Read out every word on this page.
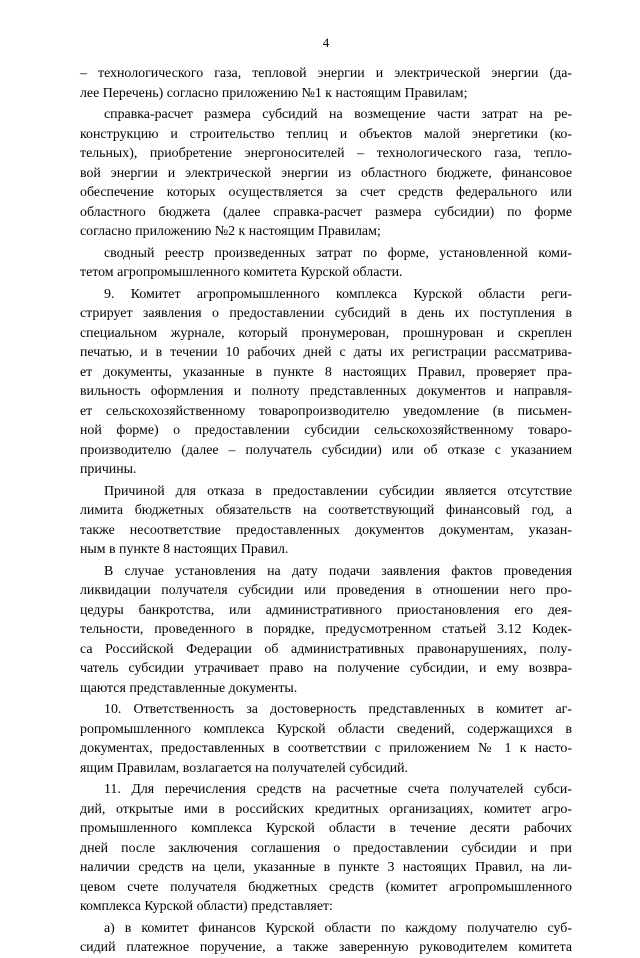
4
– технологического газа, тепловой энергии и электрической энергии (да-
лее Перечень) согласно приложению №1 к настоящим Правилам;
справка-расчет размера субсидий на возмещение части затрат на ре-
конструкцию и строительство теплиц и объектов малой энергетики (ко-
тельных), приобретение энергоносителей – технологического газа, тепло-
вой энергии и электрической энергии из областного бюджете, финансовое
обеспечение которых осуществляется за счет средств федерального или
областного бюджета (далее справка-расчет размера субсидии) по форме
согласно приложению №2 к настоящим Правилам;
сводный реестр произведенных затрат по форме, установленной коми-
тетом агропромышленного комитета Курской области.
9. Комитет агропромышленного комплекса Курской области реги-
стрирует заявления о предоставлении субсидий в день их поступления в
специальном журнале, который пронумерован, прошнурован и скреплен
печатью, и в течении 10 рабочих дней с даты их регистрации рассматрива-
ет документы, указанные в пункте 8 настоящих Правил, проверяет пра-
вильность оформления и полноту представленных документов и направля-
ет сельскохозяйственному товаропроизводителю уведомление (в письмен-
ной форме) о предоставлении субсидии сельскохозяйственному товаро-
производителю (далее – получатель субсидии) или об отказе с указанием
причины.
Причиной для отказа в предоставлении субсидии является отсутствие
лимита бюджетных обязательств на соответствующий финансовый год, а
также несоответствие предоставленных документов документам, указан-
ным в пункте 8 настоящих Правил.
В случае установления на дату подачи заявления фактов проведения
ликвидации получателя субсидии или проведения в отношении него про-
цедуры банкротства, или административного приостановления его дея-
тельности, проведенного в порядке, предусмотренном статьей 3.12 Кодек-
са Российской Федерации об административных правонарушениях, полу-
чатель субсидии утрачивает право на получение субсидии, и ему возвра-
щаются представленные документы.
10. Ответственность за достоверность представленных в комитет аг-
ропромышленного комплекса Курской области сведений, содержащихся в
документах, предоставленных в соответствии с приложением № 1 к насто-
ящим Правилам, возлагается на получателей субсидий.
11. Для перечисления средств на расчетные счета получателей субси-
дий, открытые ими в российских кредитных организациях, комитет агро-
промышленного комплекса Курской области в течение десяти рабочих
дней после заключения соглашения о предоставлении субсидии и при
наличии средств на цели, указанные в пункте 3 настоящих Правил, на ли-
цевом счете получателя бюджетных средств (комитет агропромышленного
комплекса Курской области) представляет:
а) в комитет финансов Курской области по каждому получателю суб-
сидий платежное поручение, а также заверенную руководителем комитета
